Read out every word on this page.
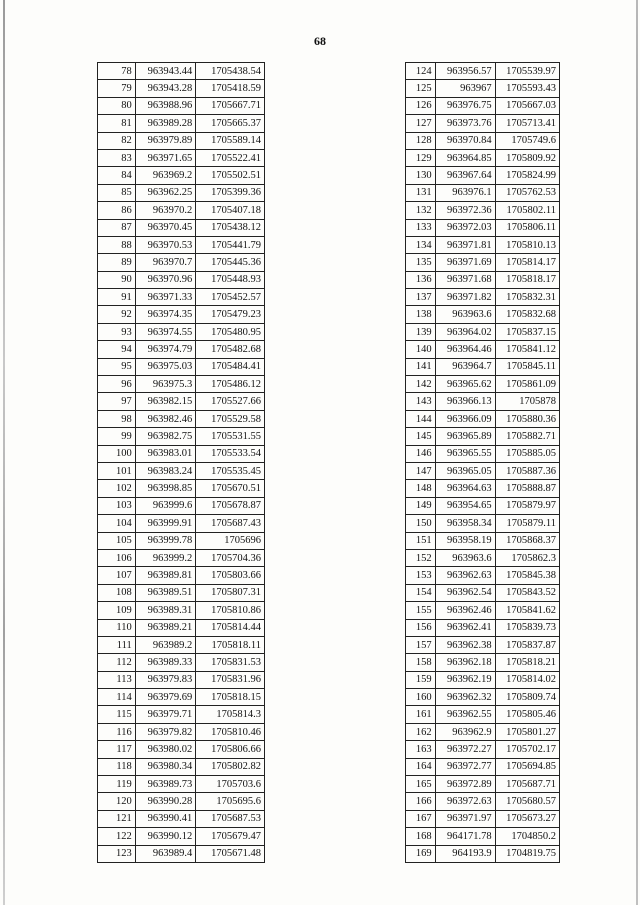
68
78	963943.44	1705438.54
79	963943.28	1705418.59
80	963988.96	1705667.71
81	963989.28	1705665.37
82	963979.89	1705589.14
83	963971.65	1705522.41
84	963969.2	1705502.51
85	963962.25	1705399.36
86	963970.2	1705407.18
87	963970.45	1705438.12
88	963970.53	1705441.79
89	963970.7	1705445.36
90	963970.96	1705448.93
91	963971.33	1705452.57
92	963974.35	1705479.23
93	963974.55	1705480.95
94	963974.79	1705482.68
95	963975.03	1705484.41
96	963975.3	1705486.12
97	963982.15	1705527.66
98	963982.46	1705529.58
99	963982.75	1705531.55
100	963983.01	1705533.54
101	963983.24	1705535.45
102	963998.85	1705670.51
103	963999.6	1705678.87
104	963999.91	1705687.43
105	963999.78	1705696
106	963999.2	1705704.36
107	963989.81	1705803.66
108	963989.51	1705807.31
109	963989.31	1705810.86
110	963989.21	1705814.44
111	963989.2	1705818.11
112	963989.33	1705831.53
113	963979.83	1705831.96
114	963979.69	1705818.15
115	963979.71	1705814.3
116	963979.82	1705810.46
117	963980.02	1705806.66
118	963980.34	1705802.82
119	963989.73	1705703.6
120	963990.28	1705695.6
121	963990.41	1705687.53
122	963990.12	1705679.47
123	963989.4	1705671.48
124	963956.57	1705539.97
125	963967	1705593.43
126	963976.75	1705667.03
127	963973.76	1705713.41
128	963970.84	1705749.6
129	963964.85	1705809.92
130	963967.64	1705824.99
131	963976.1	1705762.53
132	963972.36	1705802.11
133	963972.03	1705806.11
134	963971.81	1705810.13
135	963971.69	1705814.17
136	963971.68	1705818.17
137	963971.82	1705832.31
138	963963.6	1705832.68
139	963964.02	1705837.15
140	963964.46	1705841.12
141	963964.7	1705845.11
142	963965.62	1705861.09
143	963966.13	1705878
144	963966.09	1705880.36
145	963965.89	1705882.71
146	963965.55	1705885.05
147	963965.05	1705887.36
148	963964.63	1705888.87
149	963954.65	1705879.97
150	963958.34	1705879.11
151	963958.19	1705868.37
152	963963.6	1705862.3
153	963962.63	1705845.38
154	963962.54	1705843.52
155	963962.46	1705841.62
156	963962.41	1705839.73
157	963962.38	1705837.87
158	963962.18	1705818.21
159	963962.19	1705814.02
160	963962.32	1705809.74
161	963962.55	1705805.46
162	963962.9	1705801.27
163	963972.27	1705702.17
164	963972.77	1705694.85
165	963972.89	1705687.71
166	963972.63	1705680.57
167	963971.97	1705673.27
168	964171.78	1704850.2
169	964193.9	1704819.75
